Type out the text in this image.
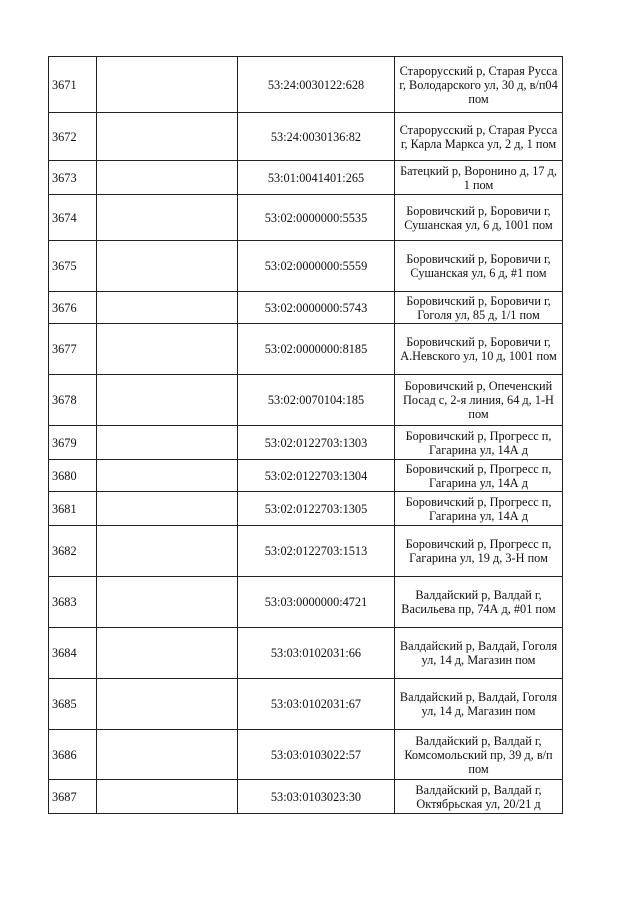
3671		53:24:0030122:628	Старорусский р, Старая Русса г, Володарского ул, 30 д, в/п04 пом
3672		53:24:0030136:82	Старорусский р, Старая Русса г, Карла Маркса ул, 2 д, 1 пом
3673		53:01:0041401:265	Батецкий р, Воронино д, 17 д, 1 пом
3674		53:02:0000000:5535	Боровичский р, Боровичи г, Сушанская ул, 6 д, 1001 пом
3675		53:02:0000000:5559	Боровичский р, Боровичи г, Сушанская ул, 6 д, #1 пом
3676		53:02:0000000:5743	Боровичский р, Боровичи г, Гоголя ул, 85 д, 1/1 пом
3677		53:02:0000000:8185	Боровичский р, Боровичи г, А.Невского ул, 10 д, 1001 пом
3678		53:02:0070104:185	Боровичский р, Опеченский Посад с, 2-я линия, 64 д, 1-Н пом
3679		53:02:0122703:1303	Боровичский р, Прогресс п, Гагарина ул, 14А д
3680		53:02:0122703:1304	Боровичский р, Прогресс п, Гагарина ул, 14А д
3681		53:02:0122703:1305	Боровичский р, Прогресс п, Гагарина ул, 14А д
3682		53:02:0122703:1513	Боровичский р, Прогресс п, Гагарина ул, 19 д, 3-Н пом
3683		53:03:0000000:4721	Валдайский р, Валдай г, Васильева пр, 74А д, #01 пом
3684		53:03:0102031:66	Валдайский р, Валдай, Гоголя ул, 14 д, Магазин пом
3685		53:03:0102031:67	Валдайский р, Валдай, Гоголя ул, 14 д, Магазин пом
3686		53:03:0103022:57	Валдайский р, Валдай г, Комсомольский пр, 39 д, в/п пом
3687		53:03:0103023:30	Валдайский р, Валдай г, Октябрьская ул, 20/21 д
